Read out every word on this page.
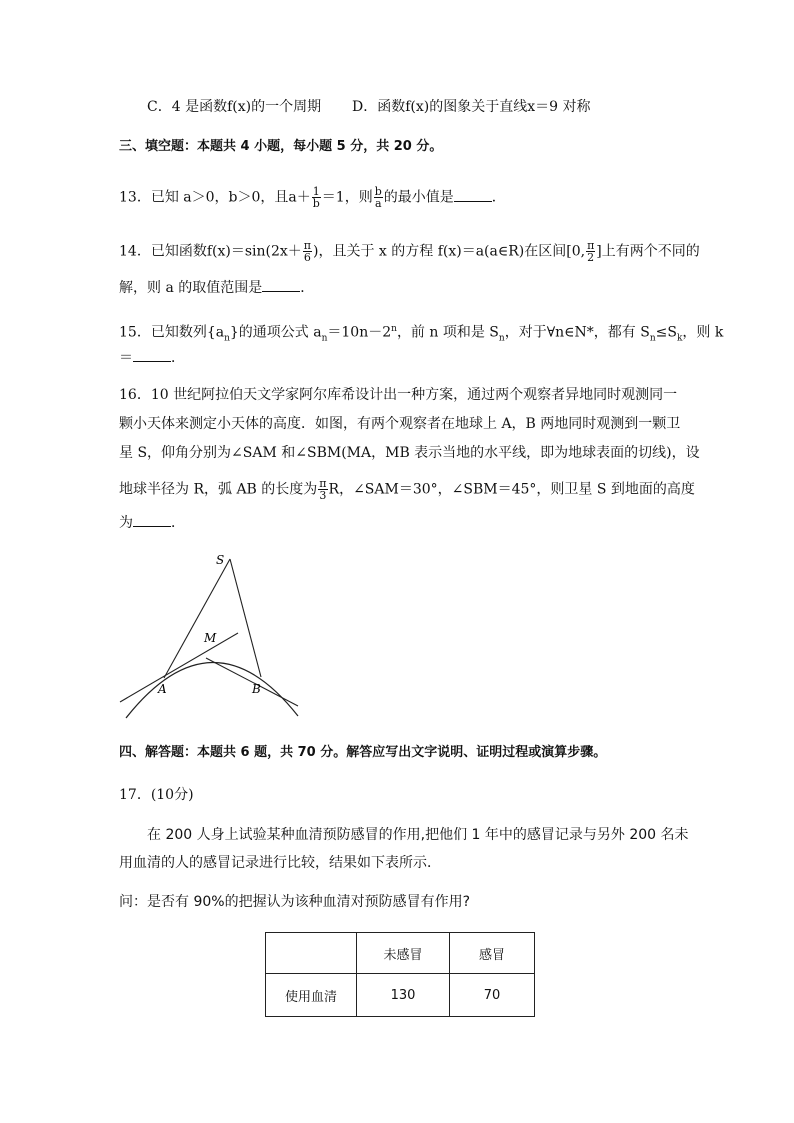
C．4 是函数f(x)的一个周期 D．函数f(x)的图象关于直线x＝9 对称
三、填空题：本题共 4 小题，每小题 5 分，共 20 分。
13．已知 a＞0，b＞0，且$a+ \frac{1}{b} =1$，则 $\frac{b}{a}$ 的最小值是	．
14．已知函数$f(x)=\sin(2x+ \frac{\pi}{6}$ )，且关于 x 的方程 f(x)＝a(a∈R)在区间[0, $\frac{\pi}{2}$ ]上有两个不同的
解，则 a 的取值范围是	．
15．已知数列$\{a_n\}$的通项公式 $a_n=10n-2^n$，前 n 项和是 $S_n$，对于∀n∈N*，都有 $S_n\le S_k$，则 k
＝	．
16．10 世纪阿拉伯天文学家阿尔库希设计出一种方案，通过两个观察者异地同时观测同一
颗小天体来测定小天体的高度．如图，有两个观察者在地球上 A，B 两地同时观测到一颗卫
星 S，仰角分别为∠SAM 和∠SBM(MA，MB 表示当地的水平线，即为地球表面的切线)，设
地球半径为 R，弧 AB 的长度为 $\frac{\pi}{3}$ R，∠SAM＝30°，∠SBM＝45°，则卫星 S 到地面的高度
为	．
S
M
A	B
四、解答题：本题共 6 题，共 70 分。解答应写出文字说明、证明过程或演算步骤。
17．(10分)
在 200 人身上试验某种血清预防感冒的作用,把他们 1 年中的感冒记录与另外 200 名未
用血清的人的感冒记录进行比较，结果如下表所示．
问：是否有 90%的把握认为该种血清对预防感冒有作用?
	未感冒	感冒
使用血清	130	70
